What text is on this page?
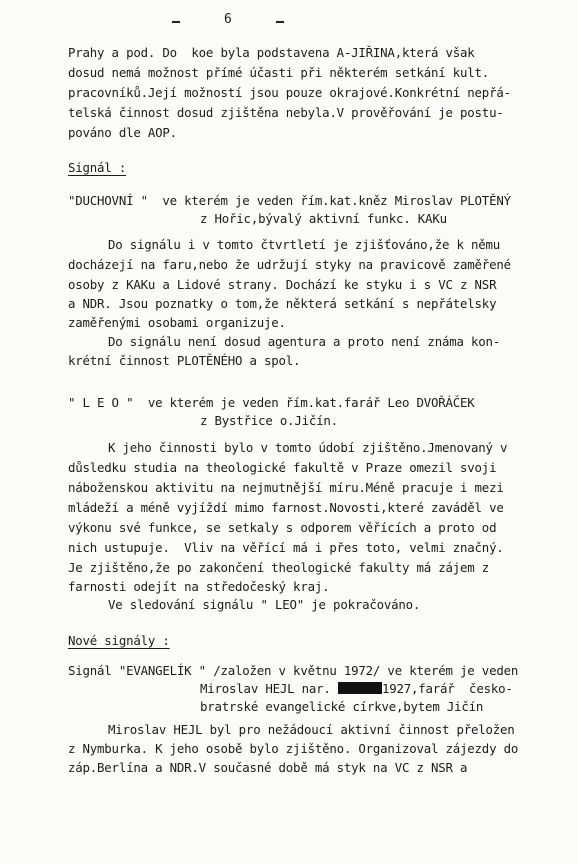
6
Prahy a pod. Do  koe byla podstavena A-JIŘINA,která však
dosud nemá možnost přímé účasti při některém setkání kult.
pracovníků.Její možností jsou pouze okrajové.Konkrétní nepřá-
telská činnost dosud zjištěna nebyla.V prověřování je postu-
pováno dle AOP.
Signál :
"DUCHOVNÍ "  ve kterém je veden řím.kat.kněz Miroslav PLOTĚNÝ
z Hořic,bývalý aktivní funkc. KAKu
Do signálu i v tomto čtvrtletí je zjišťováno,že k němu
docházejí na faru,nebo že udržují styky na pravicově zaměřené
osoby z KAKu a Lidové strany. Dochází ke styku i s VC z NSR
a NDR. Jsou poznatky o tom,že některá setkání s nepřátelsky
zaměřenými osobami organizuje.
Do signálu není dosud agentura a proto není známa kon-
krétní činnost PLOTĚNÉHO a spol.
" L E O "  ve kterém je veden řím.kat.farář Leo DVOŘÁČEK
z Bystřice o.Jičín.
K jeho činnosti bylo v tomto údobí zjištěno.Jmenovaný v
důsledku studia na theologické fakultě v Praze omezil svoji
náboženskou aktivitu na nejmutnější míru.Méně pracuje i mezi
mládeží a méně vyjíždí mimo farnost.Novosti,které zaváděl ve
výkonu své funkce, se setkaly s odporem věřících a proto od
nich ustupuje.  Vliv na věřící má i přes toto, velmi značný.
Je zjištěno,že po zakončení theologické fakulty má zájem z
farnosti odejít na středočeský kraj.
Ve sledování signálu " LEO" je pokračováno.
Nové signály :
Signál "EVANGELÍK " /založen v květnu 1972/ ve kterém je veden
Miroslav HEJL nar.	1927,farář  česko-
bratrské evangelické církve,bytem Jičín
Miroslav HEJL byl pro nežádoucí aktivní činnost přeložen
z Nymburka. K jeho osobě bylo zjištěno. Organizoval zájezdy do
záp.Berlína a NDR.V současné době má styk na VC z NSR a
